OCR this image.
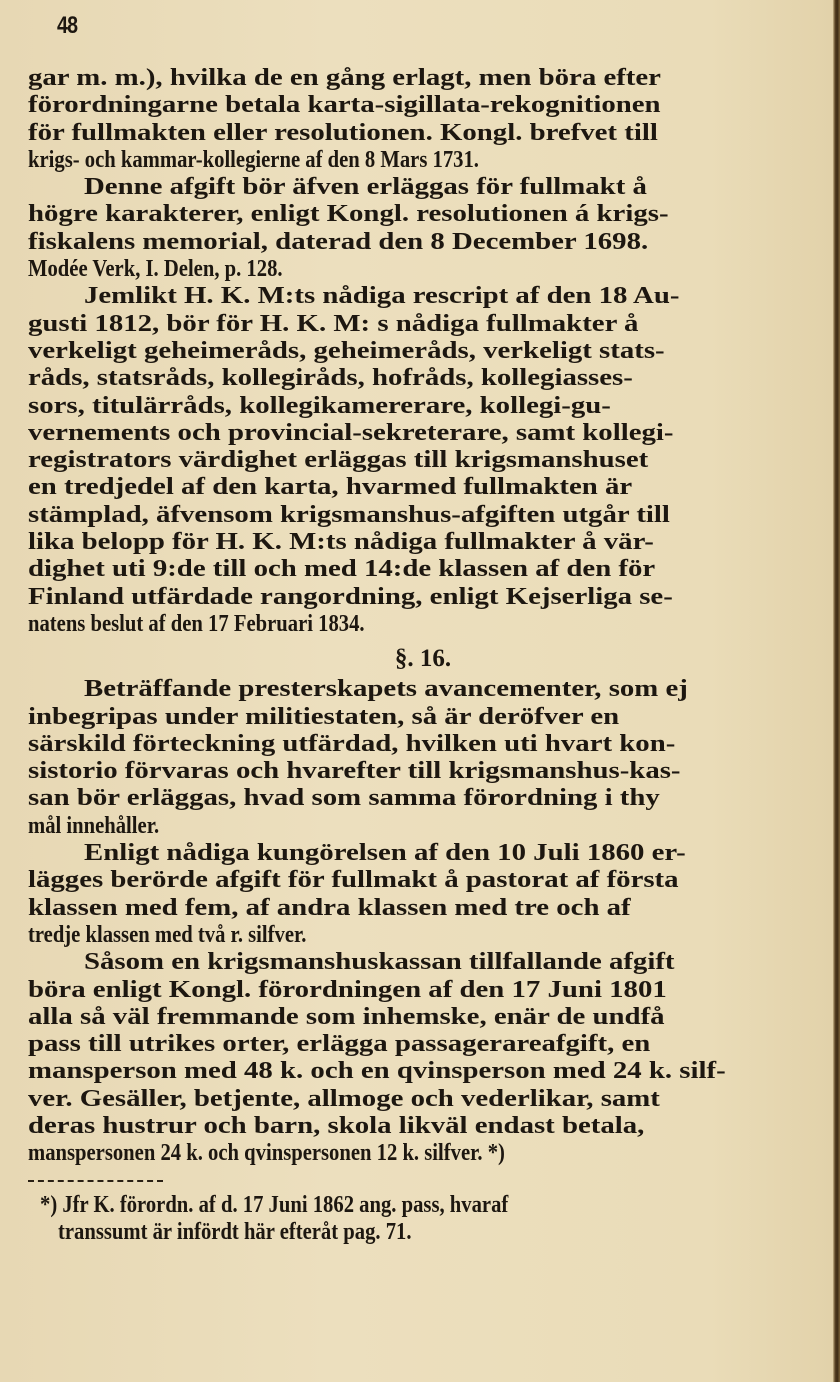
48
gar m. m.), hvilka de en gång erlagt, men böra efter
förordningarne betala karta-sigillata-rekognitionen
för fullmakten eller resolutionen. Kongl. brefvet till
krigs- och kammar-kollegierne af den 8 Mars 1731.
Denne afgift bör äfven erläggas för fullmakt å
högre karakterer, enligt Kongl. resolutionen á krigs-
fiskalens memorial, daterad den 8 December 1698.
Modée Verk, I. Delen, p. 128.
Jemlikt H. K. M:ts nådiga rescript af den 18 Au-
gusti 1812, bör för H. K. M: s nådiga fullmakter å
verkeligt geheimeråds, geheimeråds, verkeligt stats-
råds, statsråds, kollegiråds, hofråds, kollegiasses-
sors, titulärråds, kollegikamererare, kollegi-gu-
vernements och provincial-sekreterare, samt kollegi-
registrators värdighet erläggas till krigsmanshuset
en tredjedel af den karta, hvarmed fullmakten är
stämplad, äfvensom krigsmanshus-afgiften utgår till
lika belopp för H. K. M:ts nådiga fullmakter å vär-
dighet uti 9:de till och med 14:de klassen af den för
Finland utfärdade rangordning, enligt Kejserliga se-
natens beslut af den 17 Februari 1834.
§. 16.
Beträffande presterskapets avancementer, som ej
inbegripas under militiestaten, så är deröfver en
särskild förteckning utfärdad, hvilken uti hvart kon-
sistorio förvaras och hvarefter till krigsmanshus-kas-
san bör erläggas, hvad som samma förordning i thy
mål innehåller.
Enligt nådiga kungörelsen af den 10 Juli 1860 er-
lägges berörde afgift för fullmakt å pastorat af första
klassen med fem, af andra klassen med tre och af
tredje klassen med två r. silfver.
Såsom en krigsmanshuskassan tillfallande afgift
böra enligt Kongl. förordningen af den 17 Juni 1801
alla så väl fremmande som inhemske, enär de undfå
pass till utrikes orter, erlägga passagerareafgift, en
mansperson med 48 k. och en qvinsperson med 24 k. silf-
ver. Gesäller, betjente, allmoge och vederlikar, samt
deras hustrur och barn, skola likväl endast betala,
manspersonen 24 k. och qvinspersonen 12 k. silfver. *)
*) Jfr K. förordn. af d. 17 Juni 1862 ang. pass, hvaraf
transsumt är infördt här efteråt pag. 71.
